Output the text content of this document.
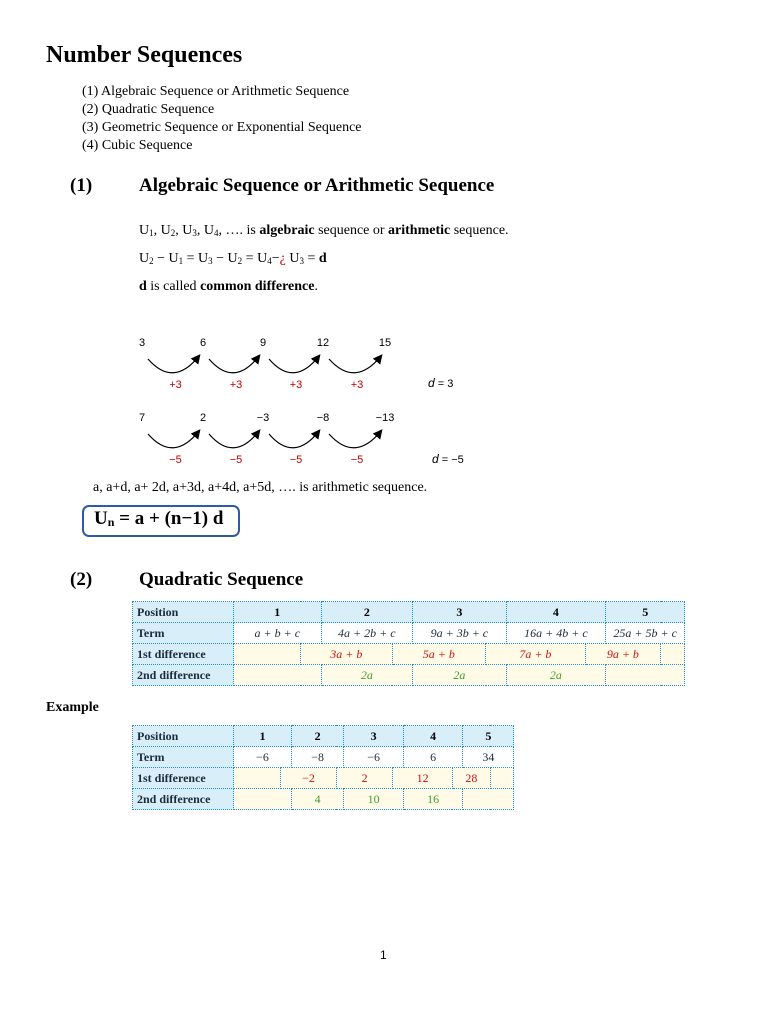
Number Sequences
(1) Algebraic Sequence or Arithmetic Sequence
(2) Quadratic Sequence
(3) Geometric Sequence or Exponential Sequence
(4) Cubic Sequence
(1) Algebraic Sequence or Arithmetic Sequence
$U_1$, $U_2$, $U_3$, $U_4$, …. is algebraic sequence or arithmetic sequence.
$U_2 - U_1 = U_3 - U_2$ = $U_4-¿$ $U_3 = d$
d is called common difference.
3	6	9	12	15
+3	+3	+3	+3	d = 3
7	2	−3	−8	−13
−5	−5	−5	−5	d = −5
a, a+d, a+ 2d, a+3d, a+4d, a+5d, …. is arithmetic sequence.
$U_n = a + (n-1)$ d
(2) Quadratic Sequence
Position	1		2		3		4		5	
Term	a + b + c		4a + 2b + c		9a + 3b + c		16a + 4b + c		25a + 5b + c	
1st difference		3a + b		5a + b		7a + b		9a + b		
2nd difference			2a		2a		2a			
Example
Position	1		2		3		4		5	
Term	−6		−8		−6		6		34	
1st difference		−2		2		12		28		
2nd difference			4		10		16			
1
